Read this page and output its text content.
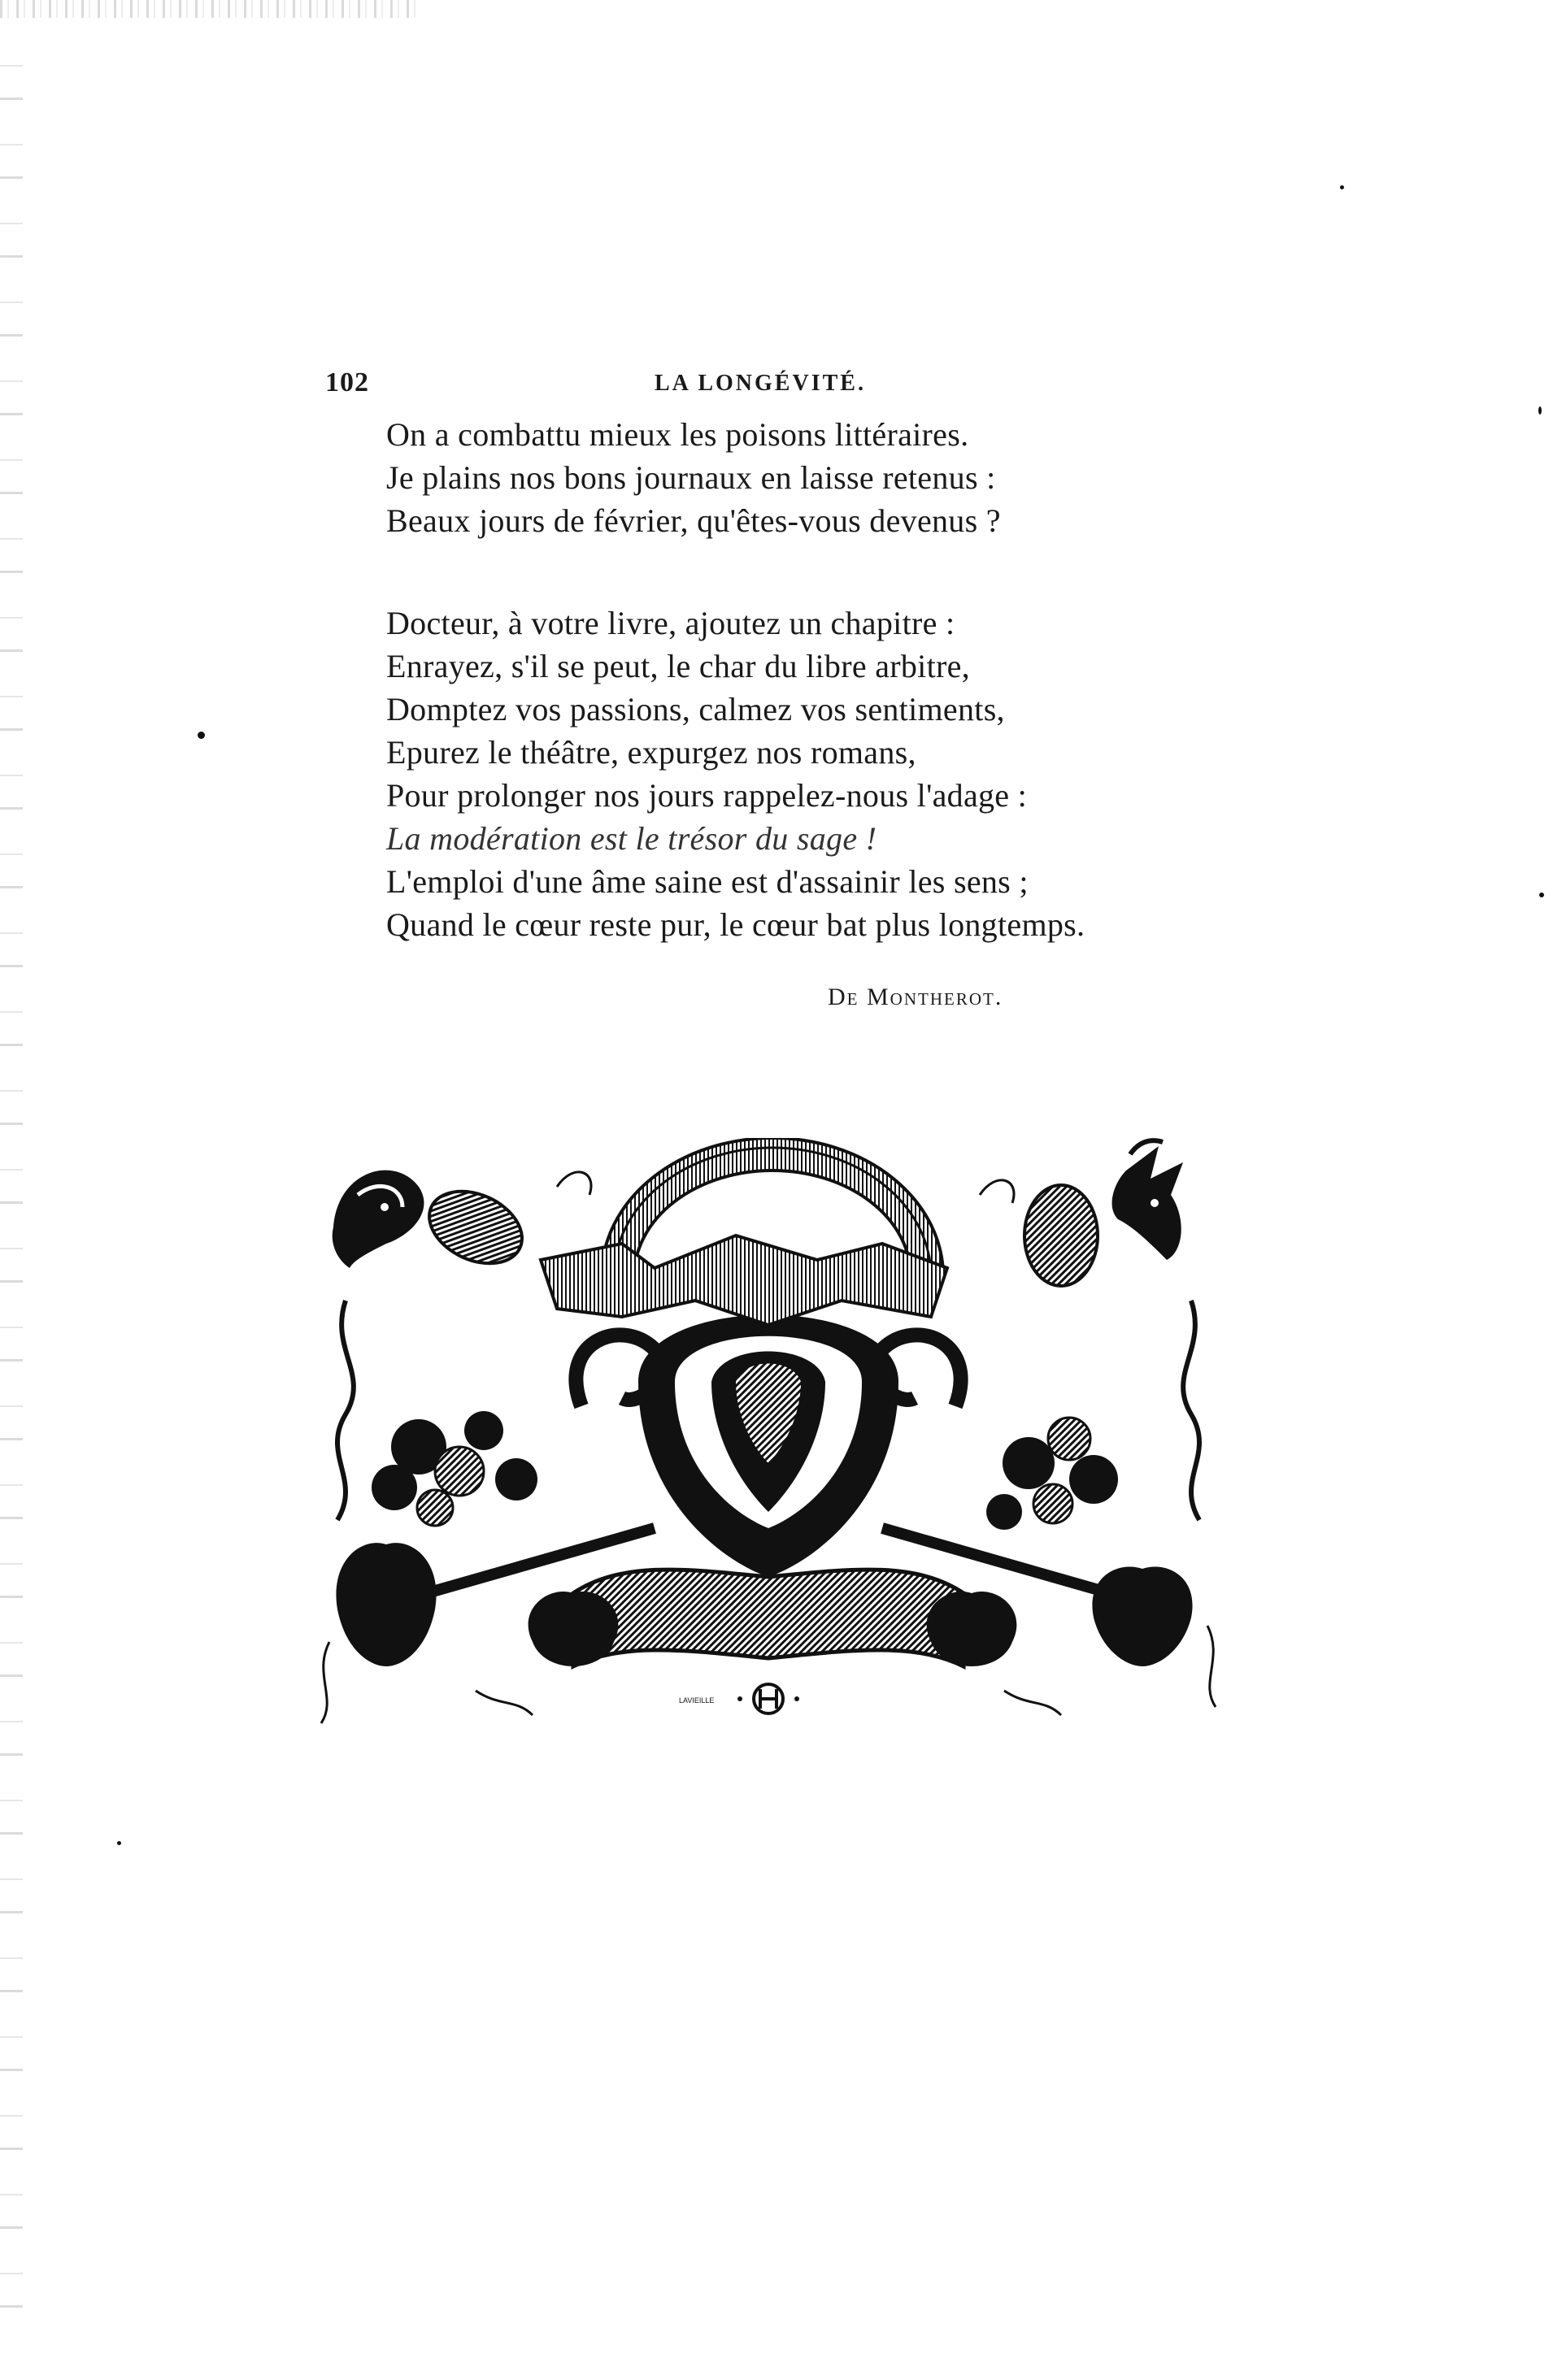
102	LA LONGÉVITÉ.
On a combattu mieux les poisons littéraires.
Je plains nos bons journaux en laisse retenus :
Beaux jours de février, qu'êtes-vous devenus ?
Docteur, à votre livre, ajoutez un chapitre :
Enrayez, s'il se peut, le char du libre arbitre,
Domptez vos passions, calmez vos sentiments,
Epurez le théâtre, expurgez nos romans,
Pour prolonger nos jours rappelez-nous l'adage :
La modération est le trésor du sage !
L'emploi d'une âme saine est d'assainir les sens ;
Quand le cœur reste pur, le cœur bat plus longtemps.
De Montherot.
LAVIEILLE
